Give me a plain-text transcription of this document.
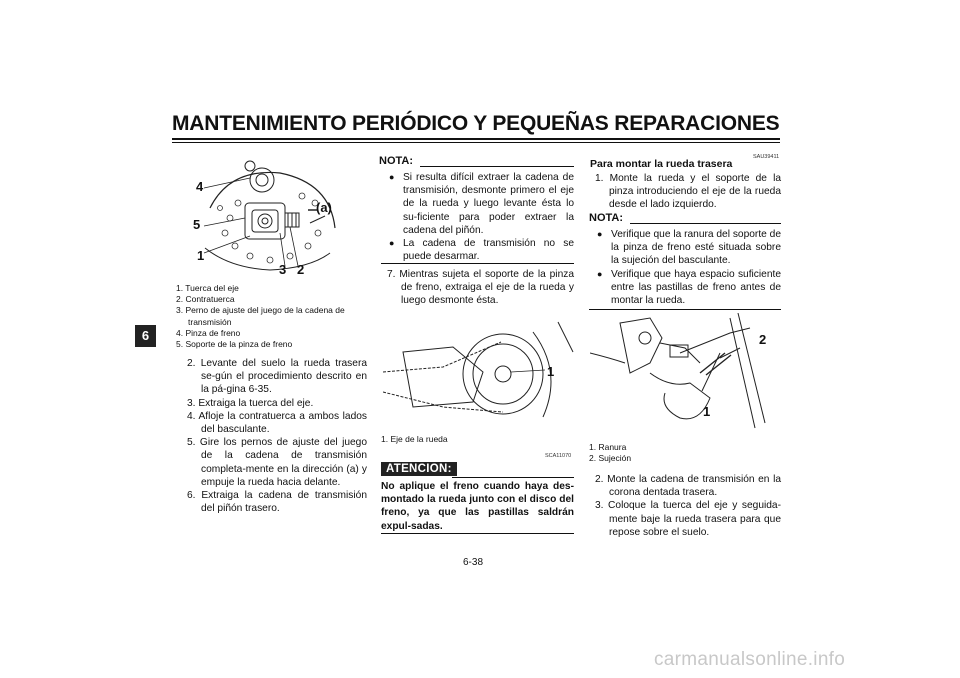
MANTENIMIENTO PERIÓDICO Y PEQUEÑAS REPARACIONES
6
4
5
1
(a)
3 2
1. Tuerca del eje
2. Contratuerca
3. Perno de ajuste del juego de la cadena de transmisión
4. Pinza de freno
5. Soporte de la pinza de freno
2. Levante del suelo la rueda trasera se-gún el procedimiento descrito en la pá-gina 6-35.
3. Extraiga la tuerca del eje.
4. Afloje la contratuerca a ambos lados del basculante.
5. Gire los pernos de ajuste del juego de la cadena de transmisión completa-mente en la dirección (a) y empuje la rueda hacia delante.
6. Extraiga la cadena de transmisión del piñón trasero.
NOTA:
● Si resulta difícil extraer la cadena de transmisión, desmonte primero el eje de la rueda y luego levante ésta lo su-ficiente para poder extraer la cadena del piñón.
● La cadena de transmisión no se puede desarmar.
7. Mientras sujeta el soporte de la pinza de freno, extraiga el eje de la rueda y luego desmonte ésta.
1
1. Eje de la rueda
SCA11070
ATENCION:
No aplique el freno cuando haya des-montado la rueda junto con el disco del freno, ya que las pastillas saldrán expul-sadas.
SAU39411
Para montar la rueda trasera
1. Monte la rueda y el soporte de la pinza introduciendo el eje de la rueda desde el lado izquierdo.
NOTA:
● Verifique que la ranura del soporte de la pinza de freno esté situada sobre la sujeción del basculante.
● Verifique que haya espacio suficiente entre las pastillas de freno antes de montar la rueda.
2
1
1. Ranura
2. Sujeción
2. Monte la cadena de transmisión en la corona dentada trasera.
3. Coloque la tuerca del eje y seguida-mente baje la rueda trasera para que repose sobre el suelo.
6-38
carmanualsonline.info
